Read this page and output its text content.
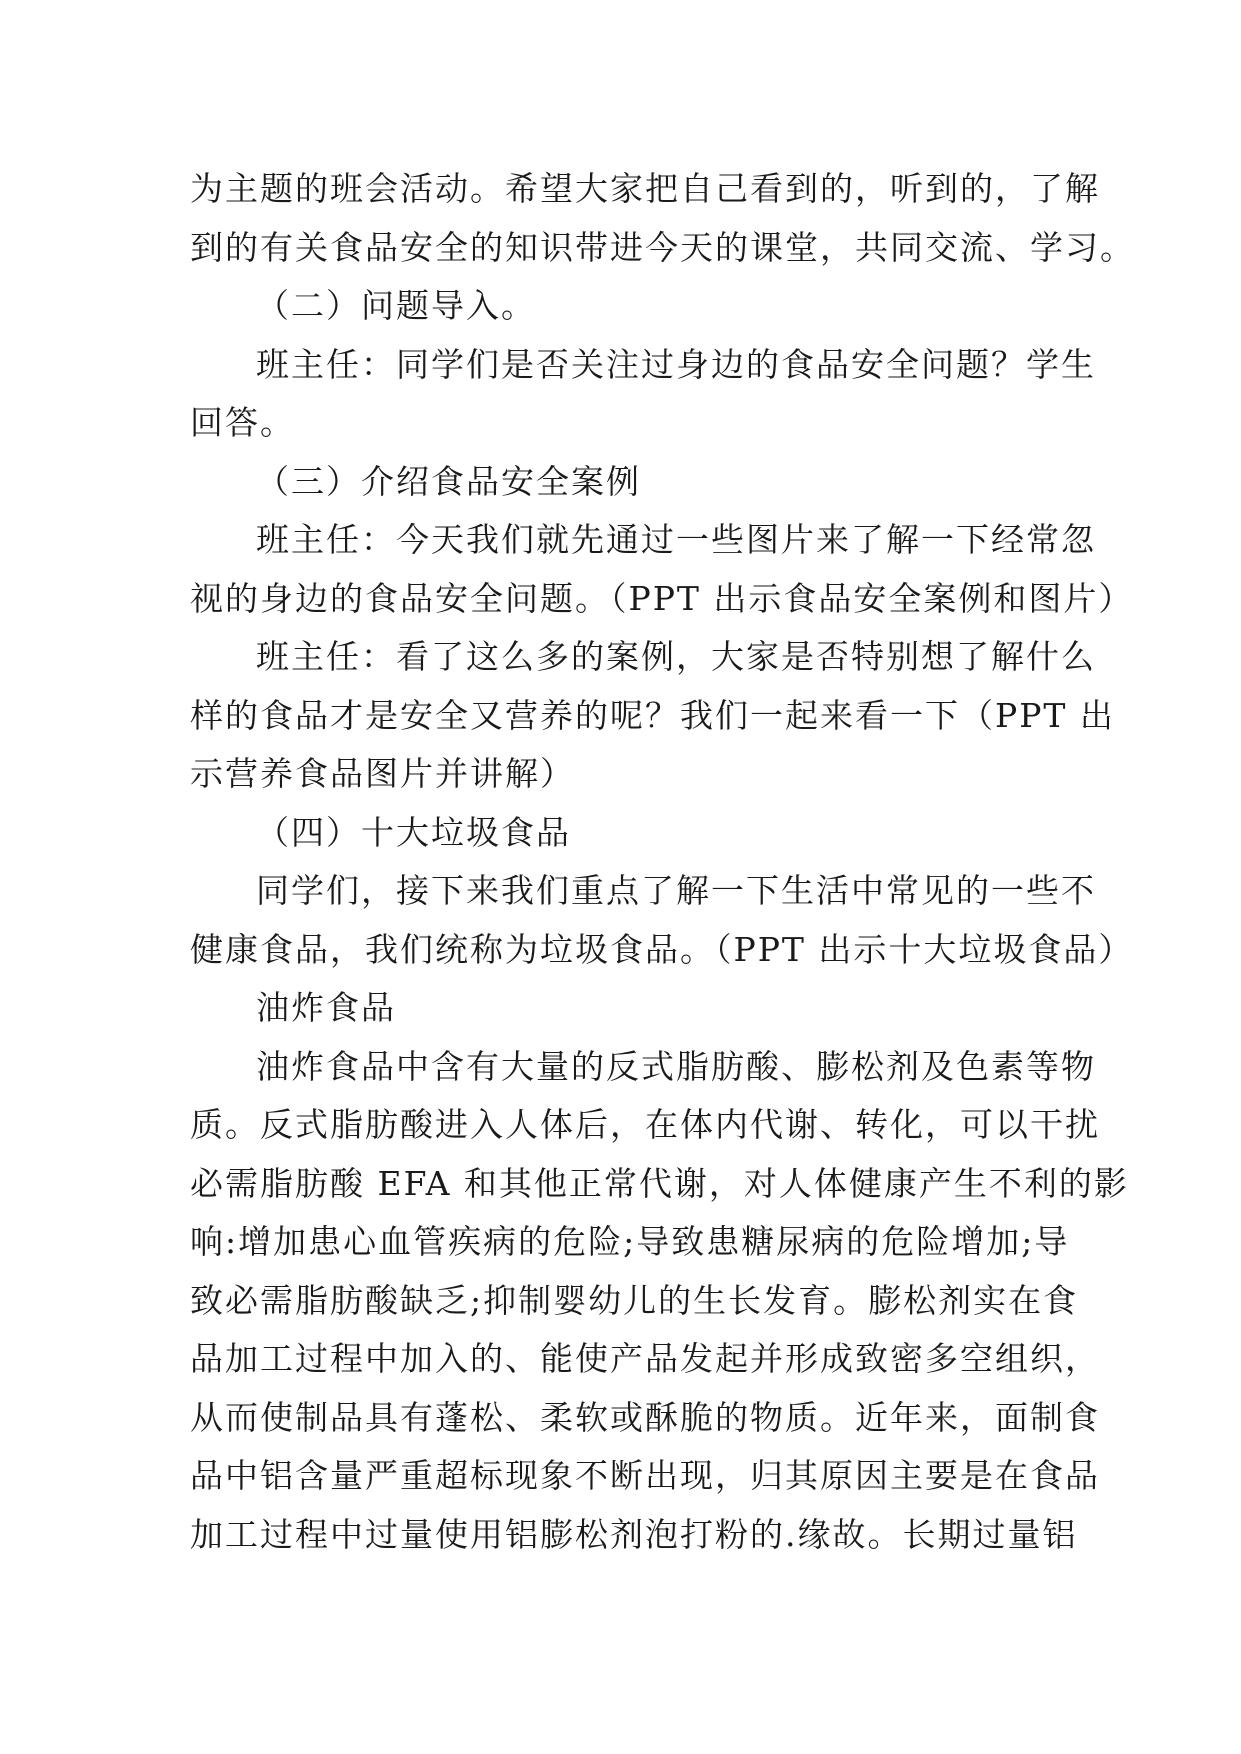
为主题的班会活动。希望大家把自己看到的，听到的，了解
到的有关食品安全的知识带进今天的课堂，共同交流、学习。
（二）问题导入。
班主任：同学们是否关注过身边的食品安全问题？学生
回答。
（三）介绍食品安全案例
班主任：今天我们就先通过一些图片来了解一下经常忽
视的身边的食品安全问题。（PPT 出示食品安全案例和图片）
班主任：看了这么多的案例，大家是否特别想了解什么
样的食品才是安全又营养的呢？我们一起来看一下（PPT 出
示营养食品图片并讲解）
（四）十大垃圾食品
同学们，接下来我们重点了解一下生活中常见的一些不
健康食品，我们统称为垃圾食品。（PPT 出示十大垃圾食品）
油炸食品
油炸食品中含有大量的反式脂肪酸、膨松剂及色素等物
质。反式脂肪酸进入人体后，在体内代谢、转化，可以干扰
必需脂肪酸 EFA 和其他正常代谢，对人体健康产生不利的影
响:增加患心血管疾病的危险;导致患糖尿病的危险增加;导
致必需脂肪酸缺乏;抑制婴幼儿的生长发育。膨松剂实在食
品加工过程中加入的、能使产品发起并形成致密多空组织，
从而使制品具有蓬松、柔软或酥脆的物质。近年来，面制食
品中铝含量严重超标现象不断出现，归其原因主要是在食品
加工过程中过量使用铝膨松剂泡打粉的.缘故。长期过量铝
